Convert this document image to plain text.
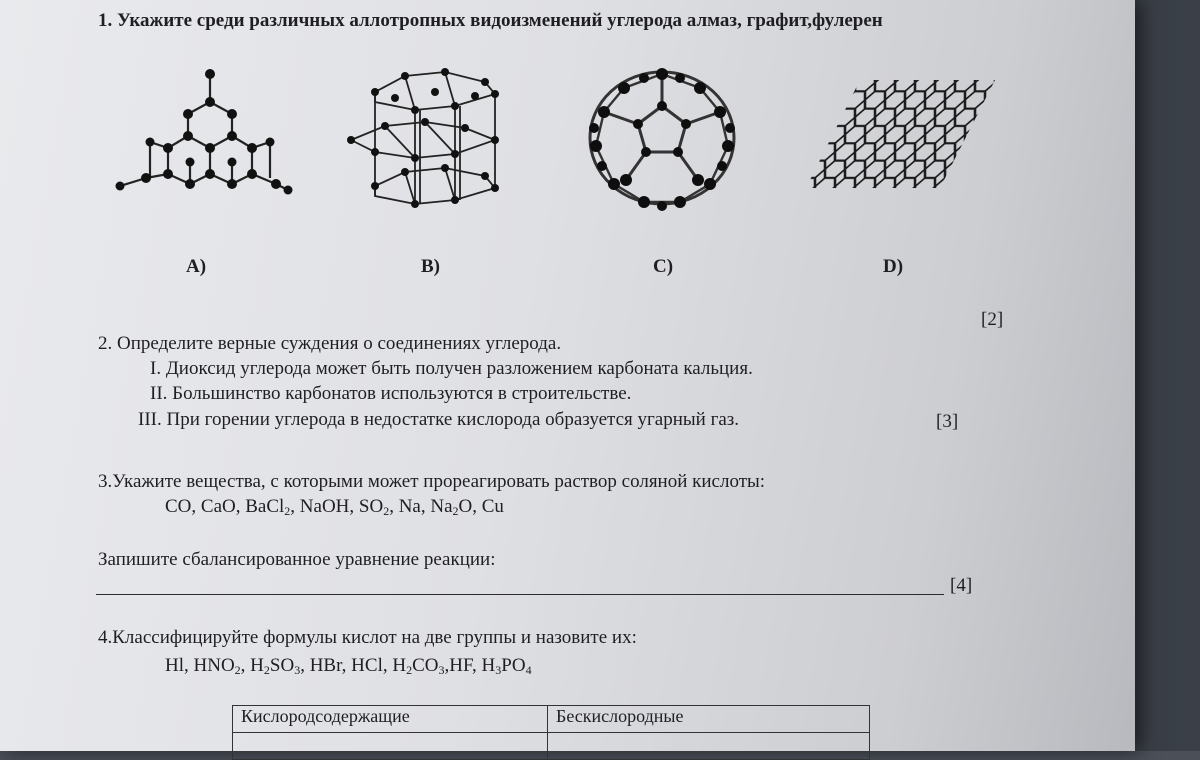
1. Укажите среди различных аллотропных видоизменений углерода алмаз, графит,фулерен
A)	B)	C)	D)
[2]
2. Определите верные суждения о соединениях углерода.
I. Диоксид углерода может быть получен разложением карбоната кальция.
II. Большинство карбонатов используются в строительстве.
III. При горении углерода в недостатке кислорода образуется угарный газ.	[3]
3.Укажите вещества, с которыми может прореагировать раствор соляной кислоты:
CO, CaO, BaCl$_2$, NaOH, $SO_2$, Na, $Na_2O$, Cu
Запишите сбалансированное уравнение реакции:
[4]
4.Классифицируйте формулы кислот на две группы и назовите их:
Hl, $HNO_2$, $H_2SO_3$, HBr, HCl, $H_2CO_3,HF$, $H_3PO_4$
Кислородсодержащие	Бескислородные
